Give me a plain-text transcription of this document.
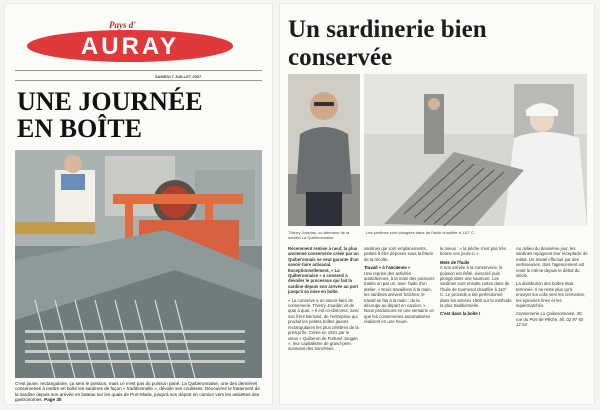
Pays d'
AURAY
SAMEDI 7 JUILLET 2007
UNE JOURNÉE EN BOÎTE
C'est jaune, rectangulaire, ça sent le poisson, mais ce n'est pas du poisson pané. La Quiberonnaise, une des dernières conserveries à mettre en boîte les sardines de façon « traditionnelle », dévoile ses coulisses. Découvrez le traitement de la sardine depuis son arrivée en bateau sur les quais de Port-Maria, jusqu'à son départ en camion vers les assiettes des gastronomes. Page 30
Un sardinerie bien conservée
Thierry Jourdan, co-directeur de la société La Quiberonnaise.
Les sardines sont plongées dans de l'huile chauffée à 110° C.

Récemment remise à neuf, la plus ancienne conserverie créée par un Quiberonnais se veut garante d'un savoir-faire artisanal. Exceptionnellement, « La Quiberonnaise » a consenti à dévoiler le processus qui fait la sardine depuis son arrivée au port jusqu'à sa mise en boîte.

« La conserve a un savoir-faire de conserverie, Thierry Jourdan vit de quai à quai. » Il est co-directeur, avec son frère Bernard, de l'entreprise qui produit les petites boîtes jaunes rectangulaires les plus célèbres de la presqu'île. Créée en 1921 par le vieux « Quiberon de Fortuné Jougan », leur capitalisme de grand-père, survivant des tranchées.

sardines qui sont emplacements, petites à être déposés sous la friture de la récolte.

Travail « à l'ancienne »

Une reprise des activités quotidiennes, à la main des poissons traités un par un, avec l'aide d'un atelier. « Nous travaillons à la main, les sardines arrivent fraîches, le travail se fait à la main ; de la découpe au départ en camion. » Nous produisons en une semaine ce que les conserveries automatisées réalisent en une heure.

le mieux : « la pêche n'est pas très bonne ces jours-ci ».

Mets de l'huile

À son arrivée à la conserverie, le poisson est étêté, éviscéré puis plongé dans une saumure. Les sardines sont ensuite cuites dans de l'huile de tournesol chauffée à 110° C. Le procédé a été perfectionné dans les années 1900 sur la méthode la plus traditionnelle.

C'est dans la boîte !

Au milieu du deuxième jour, les sardines rejoignent leur réceptacle de métal. Un travail effectué par des sertisseuses, dont l'agencement est resté le même depuis le début du siècle.

La distribution des boîtes était terminée. Il ne reste plus qu'à envoyer les colis vers les crémeries, les épiceries fines et les supermarchés.

Conserverie La Quiberonnaise, 30, rue du Port-de-Pêche, tél. 02 97 50 12 54
